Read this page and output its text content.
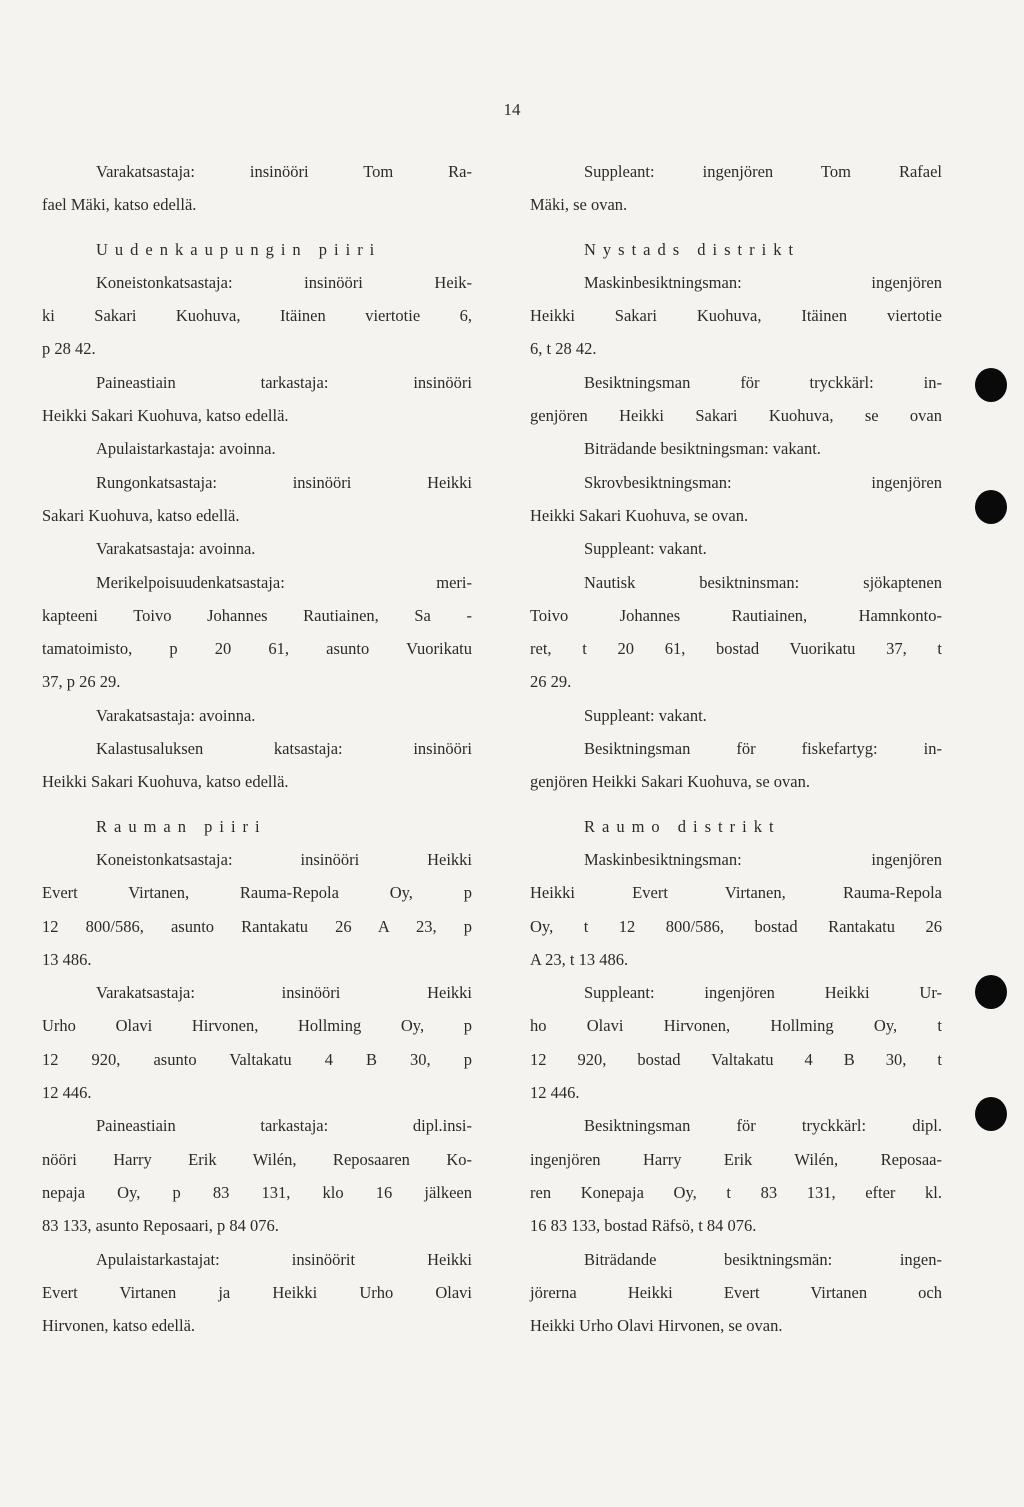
14
Varakatsastaja: insinööri Tom Ra-
fael Mäki, katso edellä.
Uudenkaupungin piiri
Koneistonkatsastaja: insinööri Heik-
ki Sakari Kuohuva, Itäinen viertotie 6,
p 28 42.
Paineastiain tarkastaja: insinööri
Heikki Sakari Kuohuva, katso edellä.
Apulaistarkastaja: avoinna.
Rungonkatsastaja: insinööri Heikki
Sakari Kuohuva, katso edellä.
Varakatsastaja: avoinna.
Merikelpoisuudenkatsastaja: meri-
kapteeni Toivo Johannes Rautiainen, Sa -
tamatoimisto, p 20 61, asunto Vuorikatu
37, p 26 29.
Varakatsastaja: avoinna.
Kalastusaluksen katsastaja: insinööri
Heikki Sakari Kuohuva, katso edellä.
Rauman piiri
Koneistonkatsastaja: insinööri Heikki
Evert Virtanen, Rauma-Repola Oy, p
12 800/586, asunto Rantakatu 26 A 23, p
13 486.
Varakatsastaja: insinööri Heikki
Urho Olavi Hirvonen, Hollming Oy, p
12 920, asunto Valtakatu 4 B 30, p
12 446.
Paineastiain tarkastaja: dipl.insi-
nööri Harry Erik Wilén, Reposaaren Ko-
nepaja Oy, p 83 131, klo 16 jälkeen
83 133, asunto Reposaari, p 84 076.
Apulaistarkastajat: insinöörit Heikki
Evert Virtanen ja Heikki Urho Olavi
Hirvonen, katso edellä.
Suppleant: ingenjören Tom Rafael
Mäki, se ovan.
Nystads distrikt
Maskinbesiktningsman: ingenjören
Heikki Sakari Kuohuva, Itäinen viertotie
6, t 28 42.
Besiktningsman för tryckkärl: in-
genjören Heikki Sakari Kuohuva, se ovan
Biträdande besiktningsman: vakant.
Skrovbesiktningsman: ingenjören
Heikki Sakari Kuohuva, se ovan.
Suppleant: vakant.
Nautisk besiktninsman: sjökaptenen
Toivo Johannes Rautiainen, Hamnkonto-
ret, t 20 61, bostad Vuorikatu 37, t
26 29.
Suppleant: vakant.
Besiktningsman för fiskefartyg: in-
genjören Heikki Sakari Kuohuva, se ovan.
Raumo distrikt
Maskinbesiktningsman: ingenjören
Heikki Evert Virtanen, Rauma-Repola
Oy, t 12 800/586, bostad Rantakatu 26
A 23, t 13 486.
Suppleant: ingenjören Heikki Ur-
ho Olavi Hirvonen, Hollming Oy, t
12 920, bostad Valtakatu 4 B 30, t
12 446.
Besiktningsman för tryckkärl: dipl.
ingenjören Harry Erik Wilén, Reposaa-
ren Konepaja Oy, t 83 131, efter kl.
16 83 133, bostad Räfsö, t 84 076.
Biträdande besiktningsmän: ingen-
jörerna Heikki Evert Virtanen och
Heikki Urho Olavi Hirvonen, se ovan.
